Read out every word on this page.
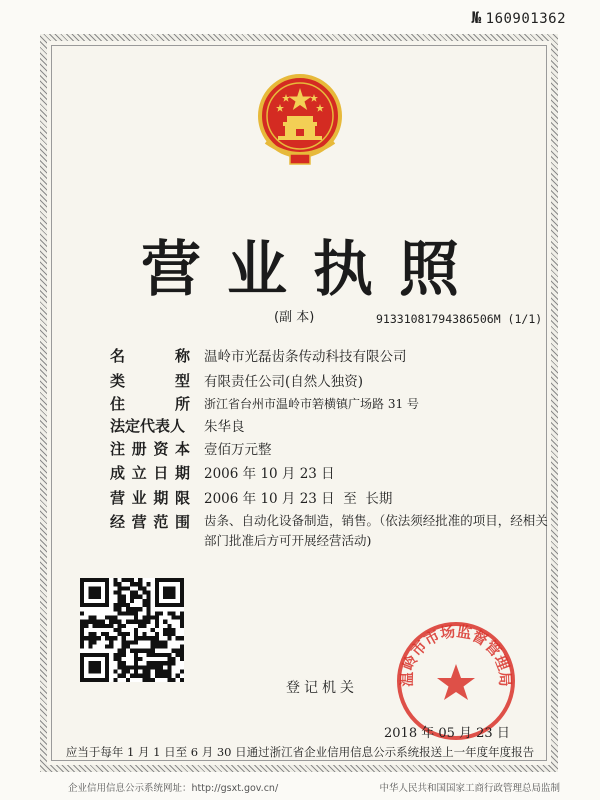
№ 160901362
营业执照
(副 本)	91331081794386506M (1/1)
名	称 温岭市光磊齿条传动科技有限公司
类	型 有限责任公司(自然人独资)
住	所 浙江省台州市温岭市箬横镇广场路 31 号
法定代表人 朱华良
注 册 资 本 壹佰万元整
成 立 日 期 2006 年 10 月 23 日
营 业 期 限 2006 年 10 月 23 日  至  长期
经 营 范 围 齿条、自动化设备制造，销售。（依法须经批准的项目，经相关
部门批准后方可开展经营活动)
登记机关
温岭市市场监督管理局
2018 年 05 月 23 日
应当于每年 1 月 1 日至 6 月 30 日通过浙江省企业信用信息公示系统报送上一年度年度报告
企业信用信息公示系统网址：http://gsxt.gov.cn/	中华人民共和国国家工商行政管理总局监制
